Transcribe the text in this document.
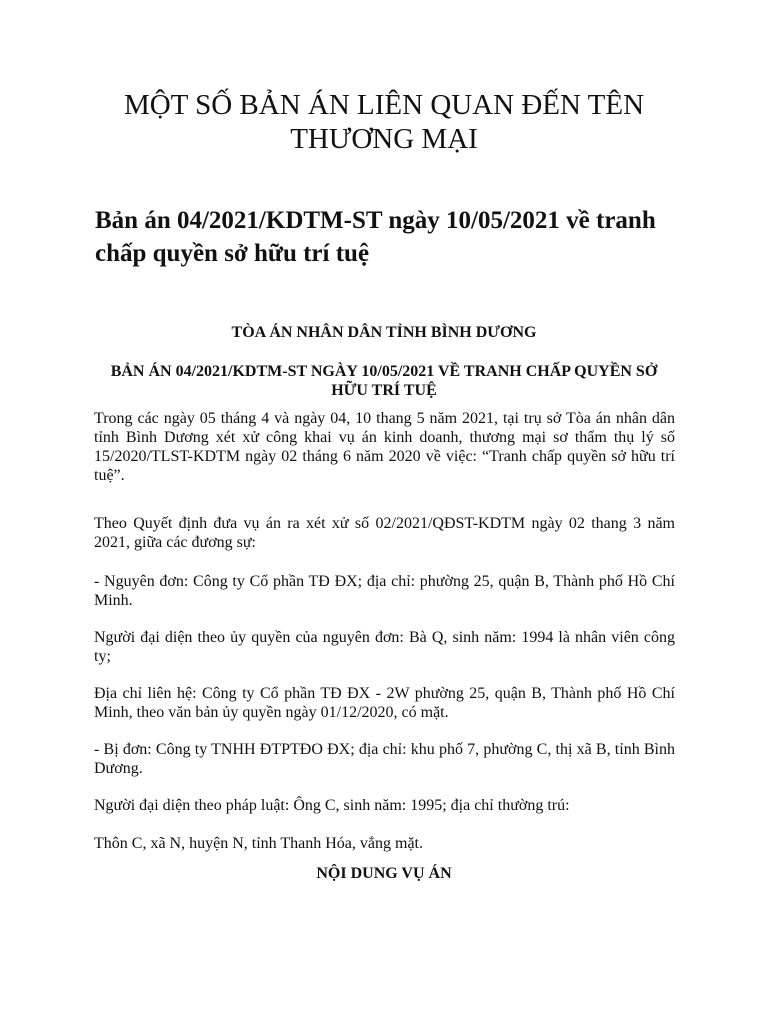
MỘT SỐ BẢN ÁN LIÊN QUAN ĐẾN TÊN THƯƠNG MẠI
Bản án 04/2021/KDTM-ST ngày 10/05/2021 về tranh chấp quyền sở hữu trí tuệ

TÒA ÁN NHÂN DÂN TỈNH BÌNH DƯƠNG

BẢN ÁN 04/2021/KDTM-ST NGÀY 10/05/2021 VỀ TRANH CHẤP QUYỀN SỞ HỮU TRÍ TUỆ

Trong các ngày 05 tháng 4 và ngày 04, 10 thang 5 năm 2021, tại trụ sở Tòa án nhân dân tỉnh Bình Dương xét xử công khai vụ án kinh doanh, thương mại sơ thẩm thụ lý số 15/2020/TLST-KDTM ngày 02 tháng 6 năm 2020 về việc: “Tranh chấp quyền sở hữu trí tuệ”.

Theo Quyết định đưa vụ án ra xét xử số 02/2021/QĐST-KDTM ngày 02 thang 3 năm 2021, giữa các đương sự:

- Nguyên đơn: Công ty Cổ phần TĐ ĐX; địa chỉ: phường 25, quận B, Thành phố Hồ Chí Minh.

Người đại diện theo ủy quyền của nguyên đơn: Bà Q, sinh năm: 1994 là nhân viên công ty;

Địa chỉ liên hệ: Công ty Cổ phần TĐ ĐX - 2W phường 25, quận B, Thành phố Hồ Chí Minh, theo văn bản ủy quyền ngày 01/12/2020, có mặt.

- Bị đơn: Công ty TNHH ĐTPTĐO ĐX; địa chỉ: khu phố 7, phường C, thị xã B, tỉnh Bình Dương.

Người đại diện theo pháp luật: Ông C, sinh năm: 1995; địa chỉ thường trú:

Thôn C, xã N, huyện N, tỉnh Thanh Hóa, vắng mặt.

NỘI DUNG VỤ ÁN
